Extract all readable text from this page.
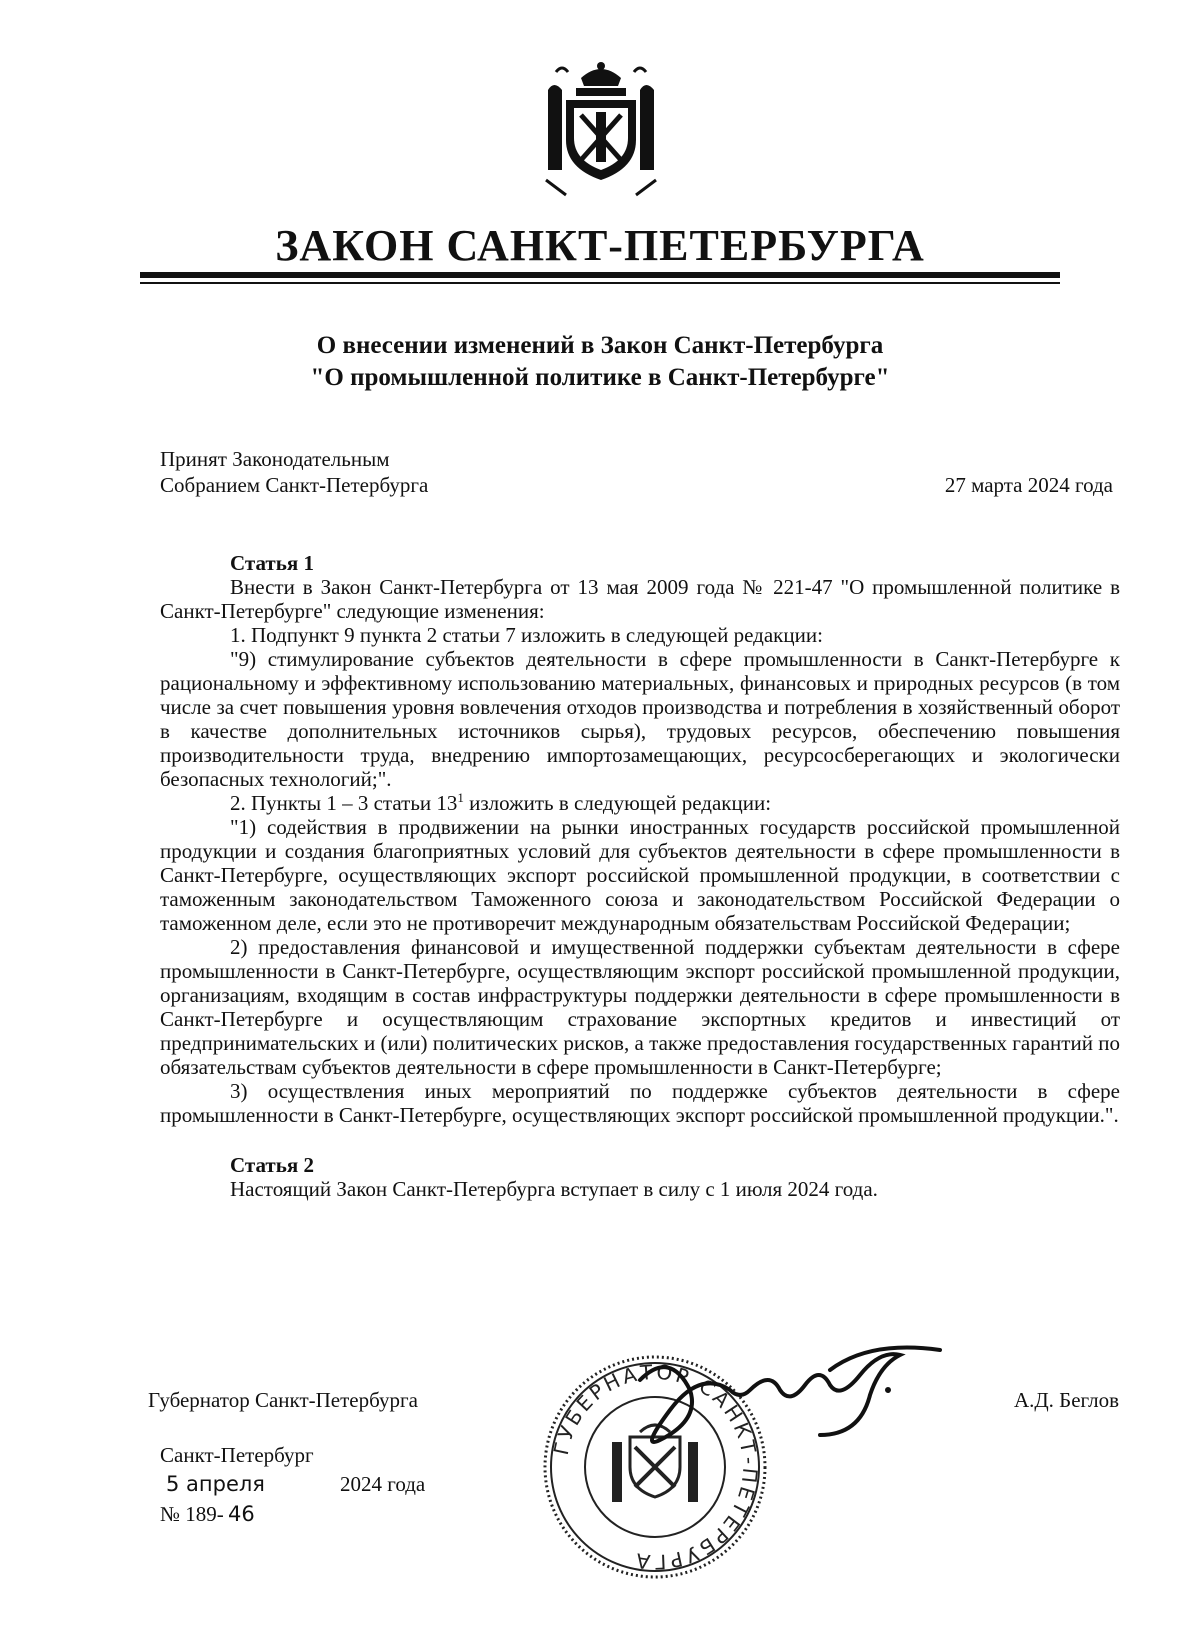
ЗАКОН САНКТ-ПЕТЕРБУРГА
О внесении изменений в Закон Санкт-Петербурга
"О промышленной политике в Санкт-Петербурге"
Принят Законодательным
Собранием Санкт-Петербурга	27 марта 2024 года
Статья 1

Внести в Закон Санкт-Петербурга от 13 мая 2009 года № 221-47 "О промышленной политике в Санкт-Петербурге" следующие изменения:

1. Подпункт 9 пункта 2 статьи 7 изложить в следующей редакции:

"9) стимулирование субъектов деятельности в сфере промышленности в Санкт-Петербурге к рациональному и эффективному использованию материальных, финансовых и природных ресурсов (в том числе за счет повышения уровня вовлечения отходов производства и потребления в хозяйственный оборот в качестве дополнительных источников сырья), трудовых ресурсов, обеспечению повышения производительности труда, внедрению импортозамещающих, ресурсосберегающих и экологически безопасных технологий;".

2. Пункты 1 – 3 статьи $13^1$ изложить в следующей редакции:

"1) содействия в продвижении на рынки иностранных государств российской промышленной продукции и создания благоприятных условий для субъектов деятельности в сфере промышленности в Санкт-Петербурге, осуществляющих экспорт российской промышленной продукции, в соответствии с таможенным законодательством Таможенного союза и законодательством Российской Федерации о таможенном деле, если это не противоречит международным обязательствам Российской Федерации;

2) предоставления финансовой и имущественной поддержки субъектам деятельности в сфере промышленности в Санкт-Петербурге, осуществляющим экспорт российской промышленной продукции, организациям, входящим в состав инфраструктуры поддержки деятельности в сфере промышленности в Санкт-Петербурге и осуществляющим страхование экспортных кредитов и инвестиций от предпринимательских и (или) политических рисков, а также предоставления государственных гарантий по обязательствам субъектов деятельности в сфере промышленности в Санкт-Петербурге;

3) осуществления иных мероприятий по поддержке субъектов деятельности в сфере промышленности в Санкт-Петербурге, осуществляющих экспорт российской промышленной продукции.".

Статья 2

Настоящий Закон Санкт-Петербурга вступает в силу с 1 июля 2024 года.

ГУБЕРНАТОР САНКТ-ПЕТЕРБУРГА
Губернатор Санкт-Петербурга	А.Д. Беглов
Санкт-Петербург
5 апреля	2024 года
№ 189- 46
